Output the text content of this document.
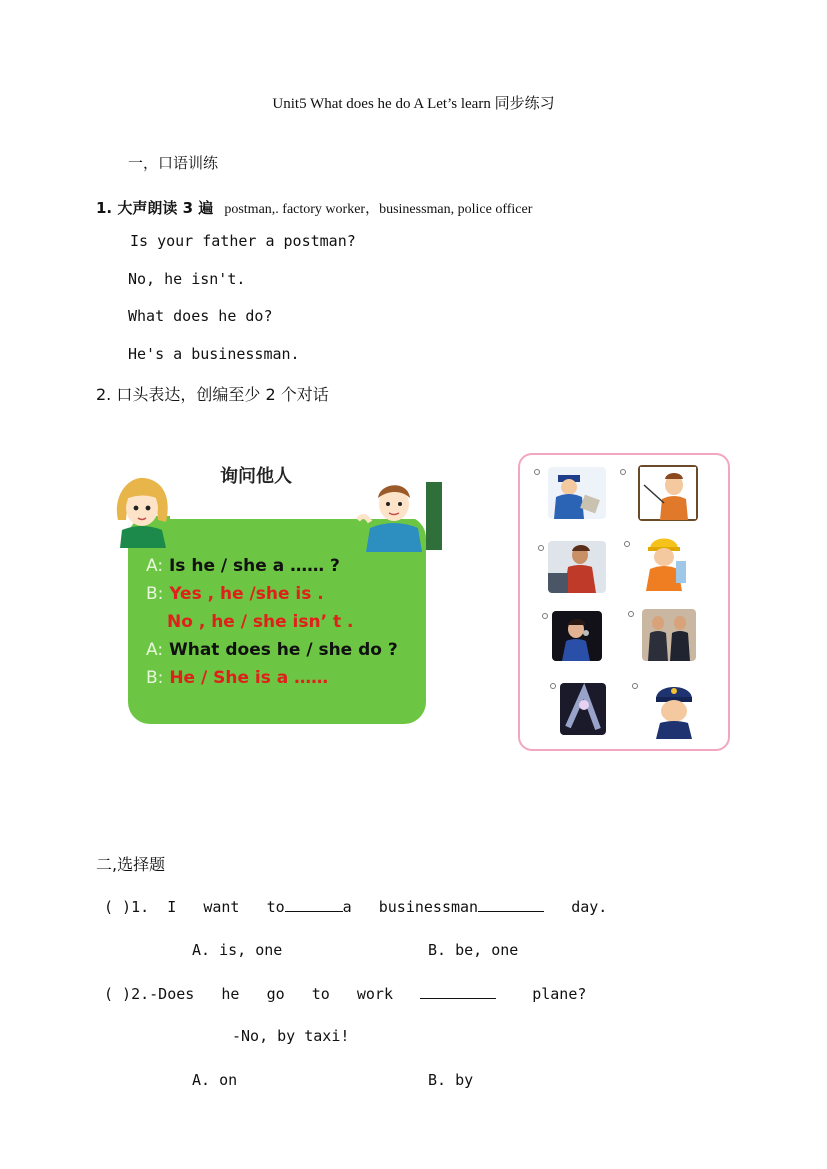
Unit5 What does he do A Let’s learn 同步练习
一，口语训练
1. 大声朗读 3 遍 postman,. factory worker，businessman, police officer
Is your father a postman?
No, he isn't.
What does he do?
He's a businessman.
2. 口头表达，创编至少 2 个对话
询问他人
A: Is he / she a …… ?
B: Yes , he /she is .
No , he / she isn’ t .
A: What does he / she do ?
B: He / She is a ……
二,选择题
( )1. I want to	a businessman	day.
A. is, one	B. be, one
( )2.-Does he go to work	plane?
-No, by taxi!
A. on	B. by
